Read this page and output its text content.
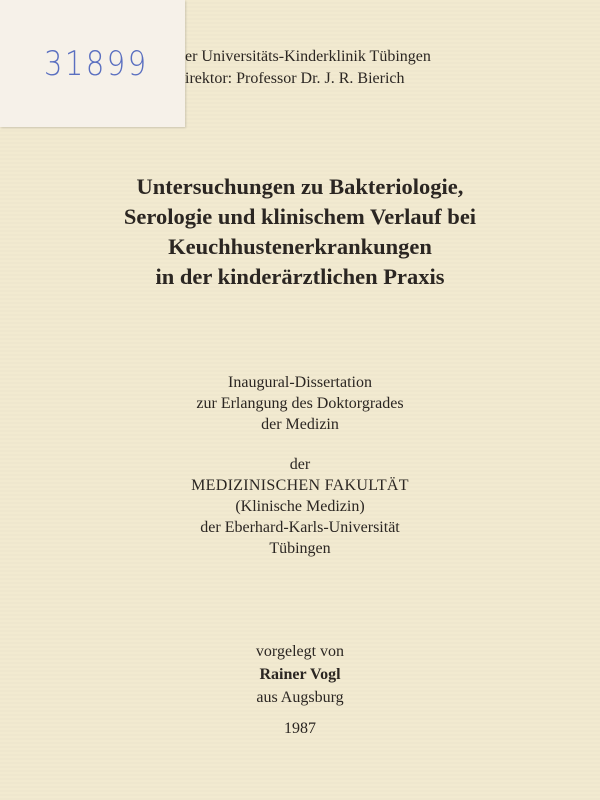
er Universitäts-Kinderklinik Tübingen
irektor: Professor Dr. J. R. Bierich
31899
Untersuchungen zu Bakteriologie,
Serologie und klinischem Verlauf bei
Keuchhustenerkrankungen
in der kinderärztlichen Praxis
Inaugural-Dissertation
zur Erlangung des Doktorgrades
der Medizin
der
MEDIZINISCHEN FAKULTÄT
(Klinische Medizin)
der Eberhard-Karls-Universität
Tübingen
vorgelegt von
Rainer Vogl
aus Augsburg
1987
